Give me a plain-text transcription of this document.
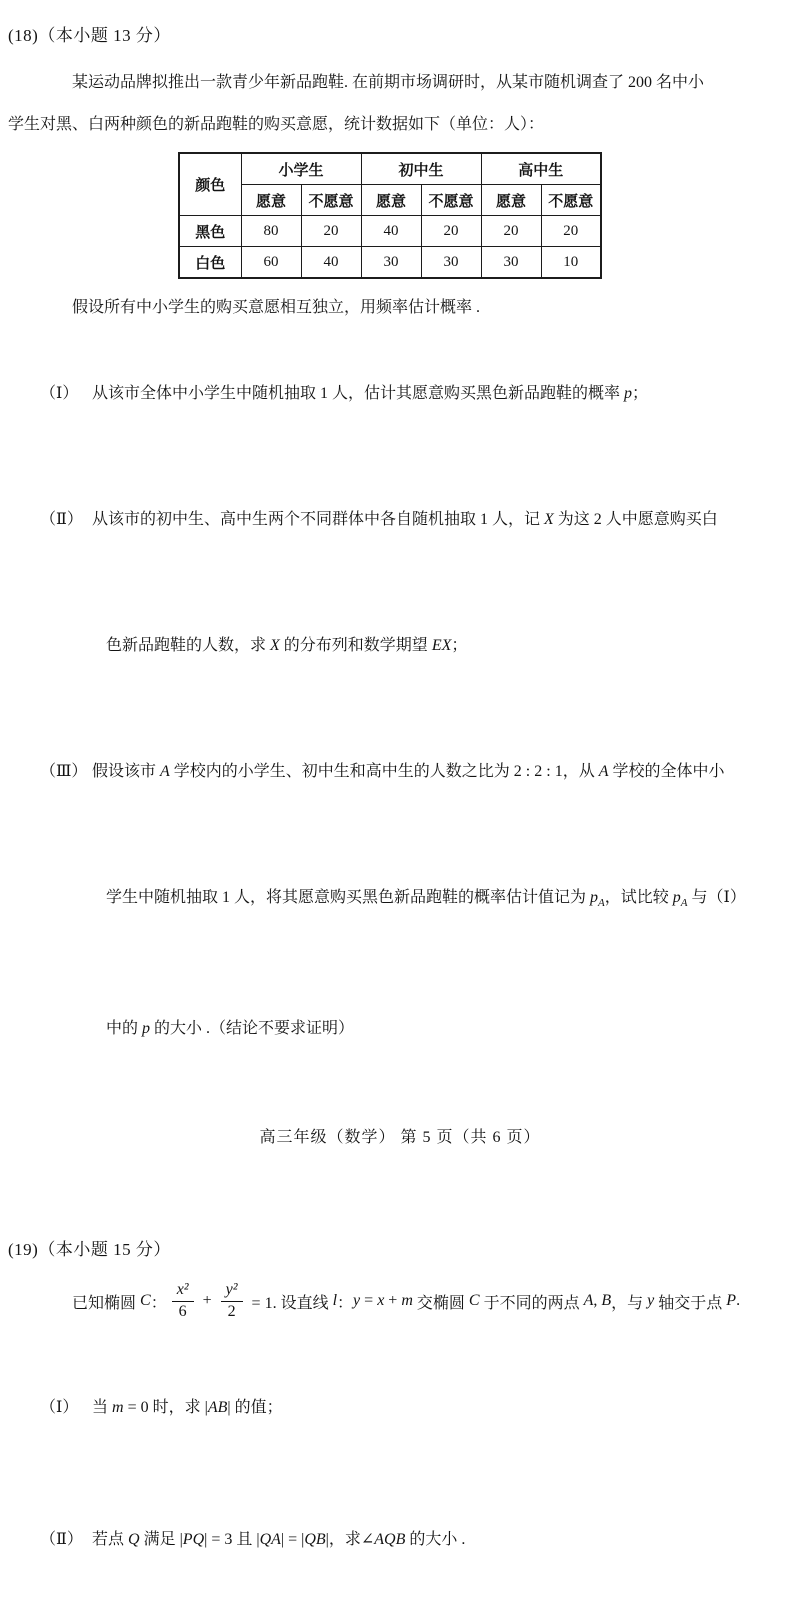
(18)（本小题 13 分）
某运动品牌拟推出一款青少年新品跑鞋. 在前期市场调研时，从某市随机调查了 200 名中小
学生对黑、白两种颜色的新品跑鞋的购买意愿，统计数据如下（单位：人）：
颜色	小学生		初中生		高中生	
	愿意	不愿意	愿意	不愿意	愿意	不愿意
黑色	80	20	40	20	20	20
白色	60	40	30	30	30	10
假设所有中小学生的购买意愿相互独立，用频率估计概率 .

（Ⅰ） 从该市全体中小学生中随机抽取 1 人，估计其愿意购买黑色新品跑鞋的概率 p；

（Ⅱ） 从该市的初中生、高中生两个不同群体中各自随机抽取 1 人，记 X 为这 2 人中愿意购买白

色新品跑鞋的人数，求 X 的分布列和数学期望 EX；

（Ⅲ） 假设该市 A 学校内的小学生、初中生和高中生的人数之比为 2 : 2 : 1，从 A 学校的全体中小

学生中随机抽取 1 人，将其愿意购买黑色新品跑鞋的概率估计值记为 $p_A$，试比较 $p_A$ 与（Ⅰ）

中的 p 的大小 .（结论不要求证明）

(19)（本小题 15 分）
已知椭圆 C ： $\frac{\text{x²}}{6} + \frac{\text{y²}}{2} = 1$. 设直线 l ： y = x + m 交椭圆 C 于不同的两点 A , B ，与 y 轴交于点 P .

（Ⅰ） 当 m = 0 时，求 |AB| 的值；

（Ⅱ） 若点 Q 满足 |PQ| = 3 且 |QA| = |QB|，求∠AQB 的大小 .

高三年级（数学） 第 5 页（共 6 页）
